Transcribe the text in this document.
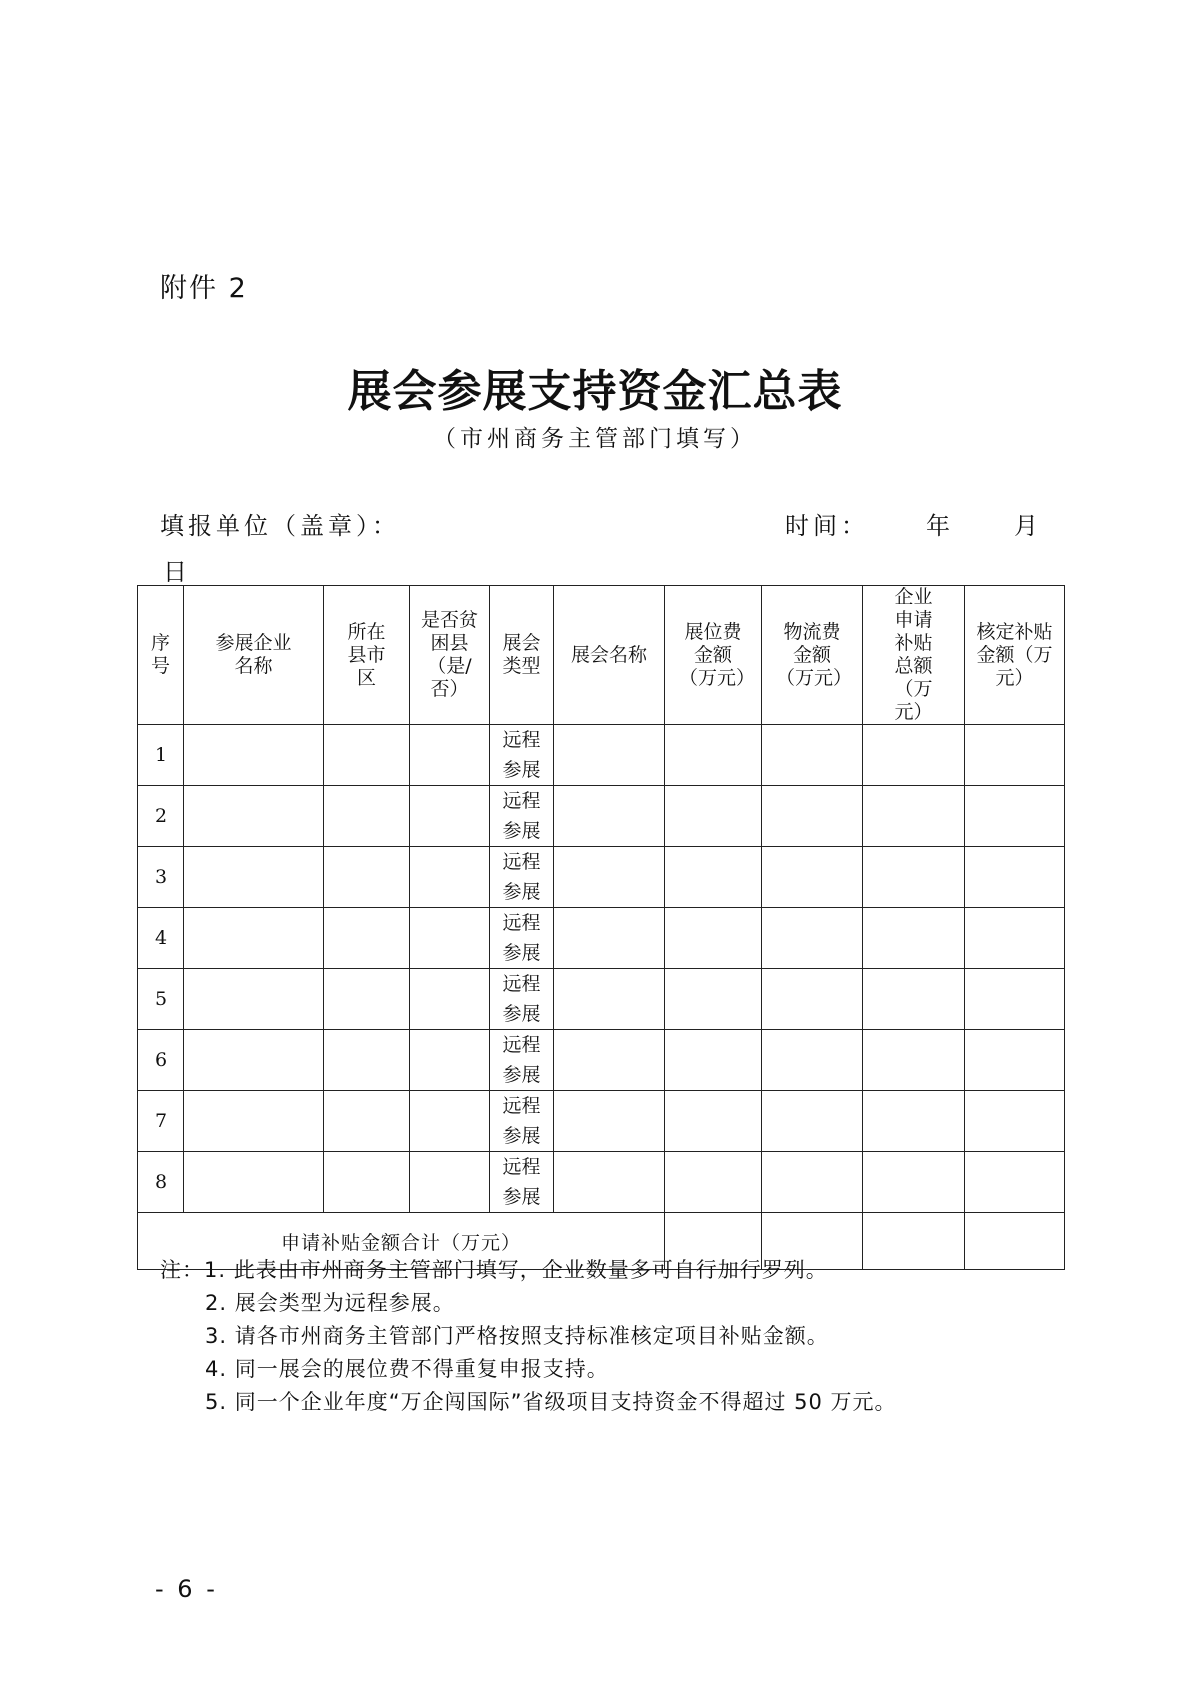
附件 2
展会参展支持资金汇总表
（市州商务主管部门填写）
填报单位（盖章）：	时间： 年	月
日
序号	参展企业名称	所在县市区	是否贫困县（是/否）	展会类型	展会名称	展位费金额（万元）	物流费金额（万元）	企业申请补贴总额（万元）	核定补贴金额（万元）
1				远程参展					
2				远程参展					
3				远程参展					
4				远程参展					
5				远程参展					
6				远程参展					
7				远程参展					
8				远程参展					
申请补贴金额合计（万元）									
注：1. 此表由市州商务主管部门填写，企业数量多可自行加行罗列。
2. 展会类型为远程参展。
3. 请各市州商务主管部门严格按照支持标准核定项目补贴金额。
4. 同一展会的展位费不得重复申报支持。
5. 同一个企业年度“万企闯国际”省级项目支持资金不得超过 50 万元。
- 6 -
